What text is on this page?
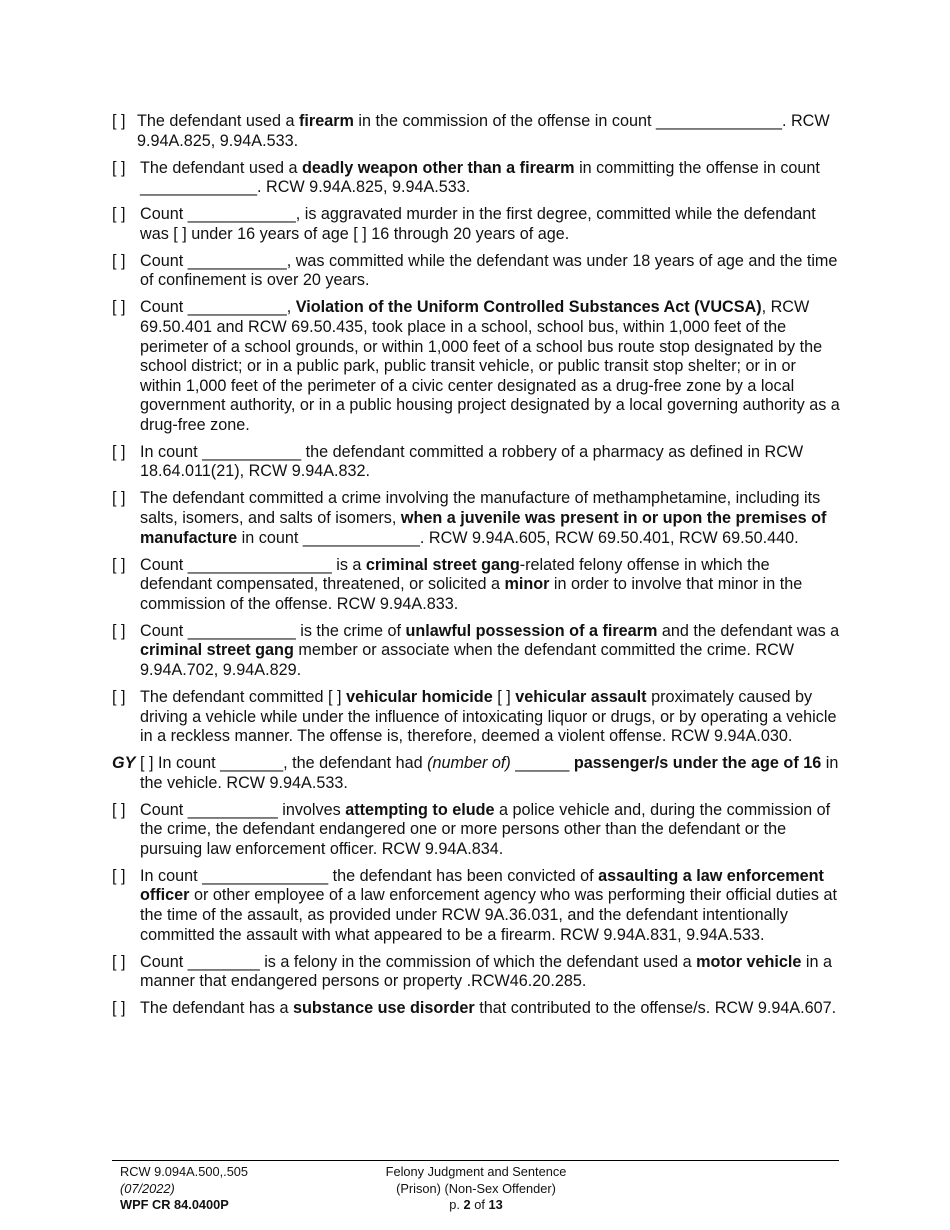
[ ] The defendant used a firearm in the commission of the offense in count ______________. RCW 9.94A.825, 9.94A.533.
[ ] The defendant used a deadly weapon other than a firearm in committing the offense in count _____________. RCW 9.94A.825, 9.94A.533.
[ ] Count ____________, is aggravated murder in the first degree, committed while the defendant was [ ] under 16 years of age [ ] 16 through 20 years of age.
[ ] Count ___________, was committed while the defendant was under 18 years of age and the time of confinement is over 20 years.
[ ] Count ___________, Violation of the Uniform Controlled Substances Act (VUCSA), RCW 69.50.401 and RCW 69.50.435, took place in a school, school bus, within 1,000 feet of the perimeter of a school grounds, or within 1,000 feet of a school bus route stop designated by the school district; or in a public park, public transit vehicle, or public transit stop shelter; or in or within 1,000 feet of the perimeter of a civic center designated as a drug-free zone by a local government authority, or in a public housing project designated by a local governing authority as a drug-free zone.
[ ] In count ___________ the defendant committed a robbery of a pharmacy as defined in RCW 18.64.011(21), RCW 9.94A.832.
[ ] The defendant committed a crime involving the manufacture of methamphetamine, including its salts, isomers, and salts of isomers, when a juvenile was present in or upon the premises of manufacture in count _____________. RCW 9.94A.605, RCW 69.50.401, RCW 69.50.440.
[ ] Count ________________ is a criminal street gang-related felony offense in which the defendant compensated, threatened, or solicited a minor in order to involve that minor in the commission of the offense. RCW 9.94A.833.
[ ] Count ____________ is the crime of unlawful possession of a firearm and the defendant was a criminal street gang member or associate when the defendant committed the crime. RCW 9.94A.702, 9.94A.829.
[ ] The defendant committed [ ] vehicular homicide [ ] vehicular assault proximately caused by driving a vehicle while under the influence of intoxicating liquor or drugs, or by operating a vehicle in a reckless manner. The offense is, therefore, deemed a violent offense. RCW 9.94A.030.
GY [ ] In count _______, the defendant had (number of) ______ passenger/s under the age of 16 in the vehicle. RCW 9.94A.533.
[ ] Count __________ involves attempting to elude a police vehicle and, during the commission of the crime, the defendant endangered one or more persons other than the defendant or the pursuing law enforcement officer. RCW 9.94A.834.
[ ] In count ______________ the defendant has been convicted of assaulting a law enforcement officer or other employee of a law enforcement agency who was performing their official duties at the time of the assault, as provided under RCW 9A.36.031, and the defendant intentionally committed the assault with what appeared to be a firearm. RCW 9.94A.831, 9.94A.533.
[ ] Count ________ is a felony in the commission of which the defendant used a motor vehicle in a manner that endangered persons or property .RCW46.20.285.
[ ] The defendant has a substance use disorder that contributed to the offense/s. RCW 9.94A.607.
RCW 9.094A.500,.505
(07/2022)
WPF CR 84.0400P
Felony Judgment and Sentence
(Prison) (Non-Sex Offender)
p. 2 of 13
